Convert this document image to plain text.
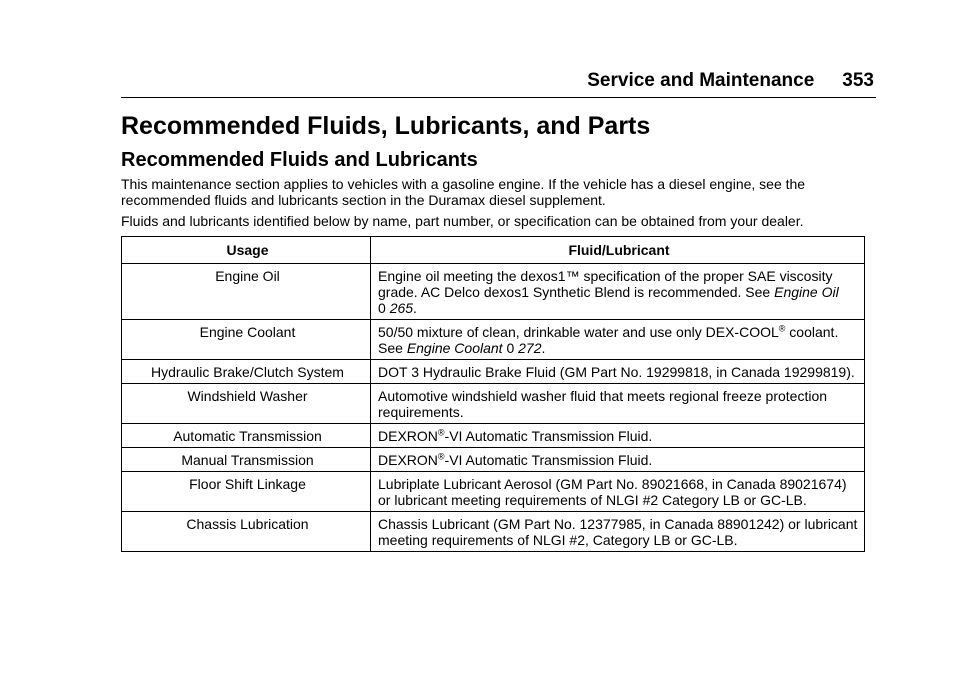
Service and Maintenance 353
Recommended Fluids, Lubricants, and Parts
Recommended Fluids and Lubricants

This maintenance section applies to vehicles with a gasoline engine. If the vehicle has a diesel engine, see the recommended fluids and lubricants section in the Duramax diesel supplement.

Fluids and lubricants identified below by name, part number, or specification can be obtained from your dealer.

Usage	Fluid/Lubricant
Engine Oil	Engine oil meeting the dexos1™ specification of the proper SAE viscosity grade. AC Delco dexos1 Synthetic Blend is recommended. See Engine Oil
0 265.
Engine Coolant	50/50 mixture of clean, drinkable water and use only DEX-COOL® coolant. See Engine Coolant 0 272.
Hydraulic Brake/Clutch System	DOT 3 Hydraulic Brake Fluid (GM Part No. 19299818, in Canada 19299819).
Windshield Washer	Automotive windshield washer fluid that meets regional freeze protection requirements.
Automatic Transmission	DEXRON®-VI Automatic Transmission Fluid.
Manual Transmission	DEXRON®-VI Automatic Transmission Fluid.
Floor Shift Linkage	Lubriplate Lubricant Aerosol (GM Part No. 89021668, in Canada 89021674) or lubricant meeting requirements of NLGI #2 Category LB or GC-LB.
Chassis Lubrication	Chassis Lubricant (GM Part No. 12377985, in Canada 88901242) or lubricant meeting requirements of NLGI #2, Category LB or GC-LB.
